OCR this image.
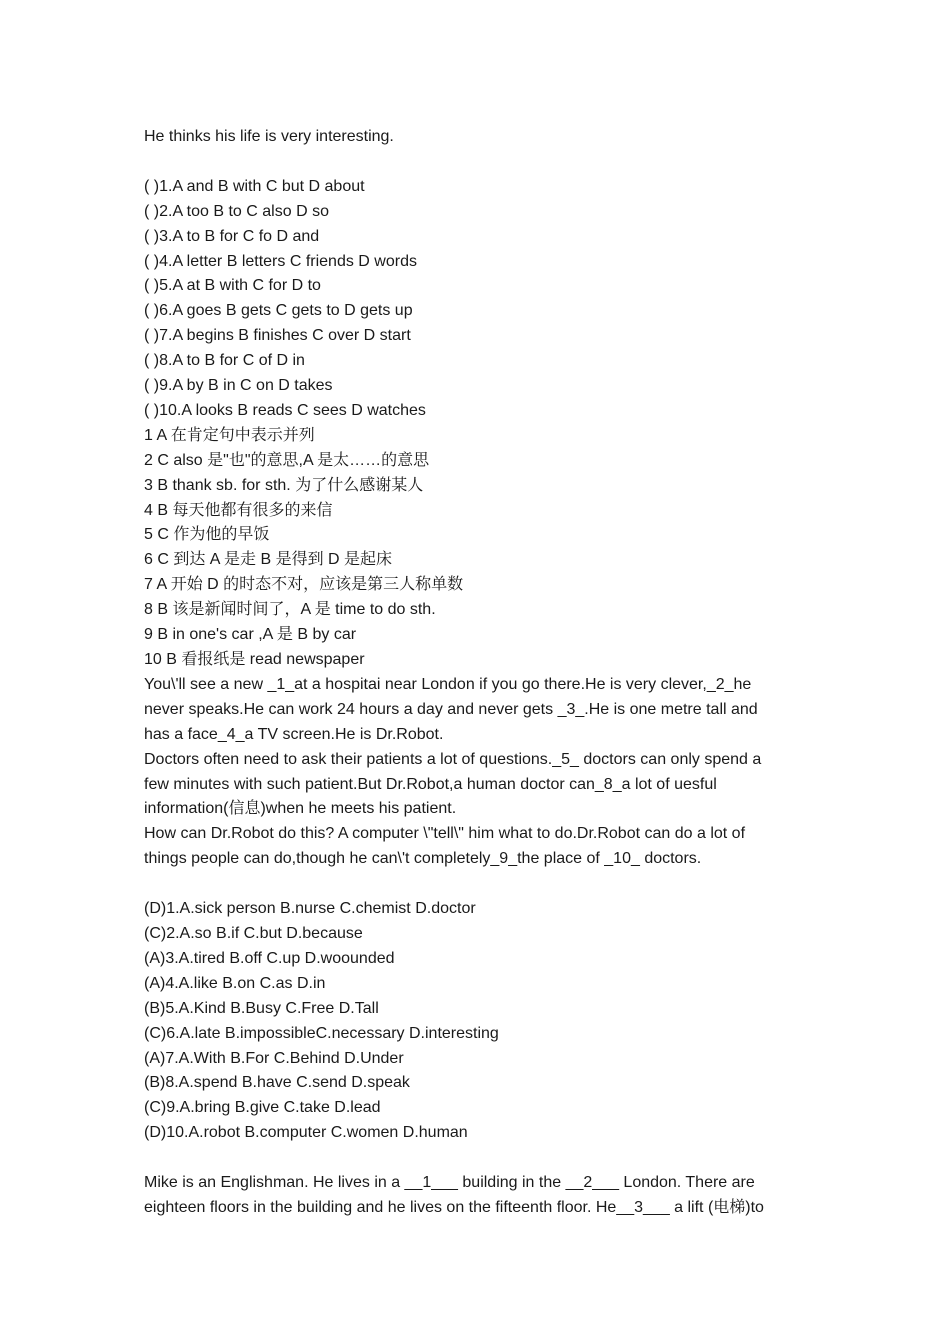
He thinks his life is very interesting.
( )1.A and B with C but D about
( )2.A too B to C also D so
( )3.A to B for C fo D and
( )4.A letter B letters C friends D words
( )5.A at B with C for D to
( )6.A goes B gets C gets to D gets up
( )7.A begins B finishes C over D start
( )8.A to B for C of D in
( )9.A by B in C on D takes
( )10.A looks B reads C sees D watches
1 A 在肯定句中表示并列
2 C also 是"也"的意思,A 是太……的意思
3 B thank sb. for sth. 为了什么感谢某人
4 B 每天他都有很多的来信
5 C 作为他的早饭
6 C 到达 A 是走 B 是得到 D 是起床
7 A 开始 D 的时态不对，应该是第三人称单数
8 B 该是新闻时间了，A 是 time to do sth.
9 B in one's car ,A 是 B by car
10 B 看报纸是 read newspaper
You\'ll see a new _1_at a hospitai near London if you go there.He is very clever,_2_he
never speaks.He can work 24 hours a day and never gets _3_.He is one metre tall and
has a face_4_a TV screen.He is Dr.Robot.
Doctors often need to ask their patients a lot of questions._5_ doctors can only spend a
few minutes with such patient.But Dr.Robot,a human doctor can_8_a lot of uesful
information(信息)when he meets his patient.
How can Dr.Robot do this? A computer \"tell\" him what to do.Dr.Robot can do a lot of
things people can do,though he can\'t completely_9_the place of _10_ doctors.
(D)1.A.sick person B.nurse C.chemist D.doctor
(C)2.A.so B.if C.but D.because
(A)3.A.tired B.off C.up D.woounded
(A)4.A.like B.on C.as D.in
(B)5.A.Kind B.Busy C.Free D.Tall
(C)6.A.late B.impossibleC.necessary D.interesting
(A)7.A.With B.For C.Behind D.Under
(B)8.A.spend B.have C.send D.speak
(C)9.A.bring B.give C.take D.lead
(D)10.A.robot B.computer C.women D.human
Mike is an Englishman. He lives in a __1___ building in the __2___ London. There are
eighteen floors in the building and he lives on the fifteenth floor. He__3___ a lift (电梯)to
